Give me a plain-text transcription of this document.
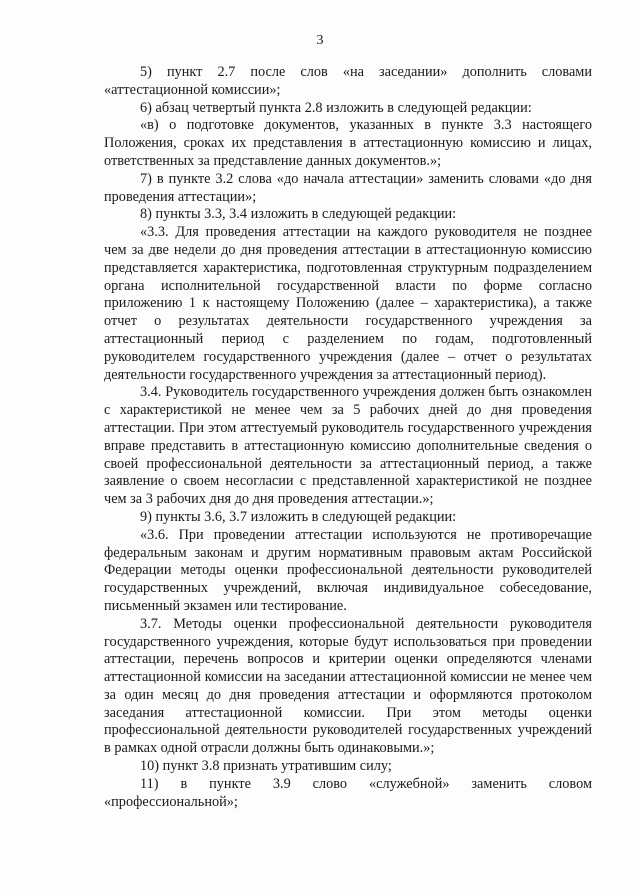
3

5) пункт 2.7 после слов «на заседании» дополнить словами «аттестационной комиссии»;

6) абзац четвертый пункта 2.8 изложить в следующей редакции:

«в) о подготовке документов, указанных в пункте 3.3 настоящего Положения, сроках их представления в аттестационную комиссию и лицах, ответственных за представление данных документов.»;

7) в пункте 3.2 слова «до начала аттестации» заменить словами «до дня проведения аттестации»;

8) пункты 3.3, 3.4 изложить в следующей редакции:

«3.3. Для проведения аттестации на каждого руководителя не позднее чем за две недели до дня проведения аттестации в аттестационную комиссию представляется характеристика, подготовленная структурным подразделением органа исполнительной государственной власти по форме согласно приложению 1 к настоящему Положению (далее – характеристика), а также отчет о результатах деятельности государственного учреждения за аттестационный период с разделением по годам, подготовленный руководителем государственного учреждения (далее – отчет о результатах деятельности государственного учреждения за аттестационный период).

3.4. Руководитель государственного учреждения должен быть ознакомлен с характеристикой не менее чем за 5 рабочих дней до дня проведения аттестации. При этом аттестуемый руководитель государственного учреждения вправе представить в аттестационную комиссию дополнительные сведения о своей профессиональной деятельности за аттестационный период, а также заявление о своем несогласии с представленной характеристикой не позднее чем за 3 рабочих дня до дня проведения аттестации.»;

9) пункты 3.6, 3.7 изложить в следующей редакции:

«3.6. При проведении аттестации используются не противоречащие федеральным законам и другим нормативным правовым актам Российской Федерации методы оценки профессиональной деятельности руководителей государственных учреждений, включая индивидуальное собеседование, письменный экзамен или тестирование.

3.7. Методы оценки профессиональной деятельности руководителя государственного учреждения, которые будут использоваться при проведении аттестации, перечень вопросов и критерии оценки определяются членами аттестационной комиссии на заседании аттестационной комиссии не менее чем за один месяц до дня проведения аттестации и оформляются протоколом заседания аттестационной комиссии. При этом методы оценки профессиональной деятельности руководителей государственных учреждений в рамках одной отрасли должны быть одинаковыми.»;

10) пункт 3.8 признать утратившим силу;

11) в пункте 3.9 слово «служебной» заменить словом «профессиональной»;
